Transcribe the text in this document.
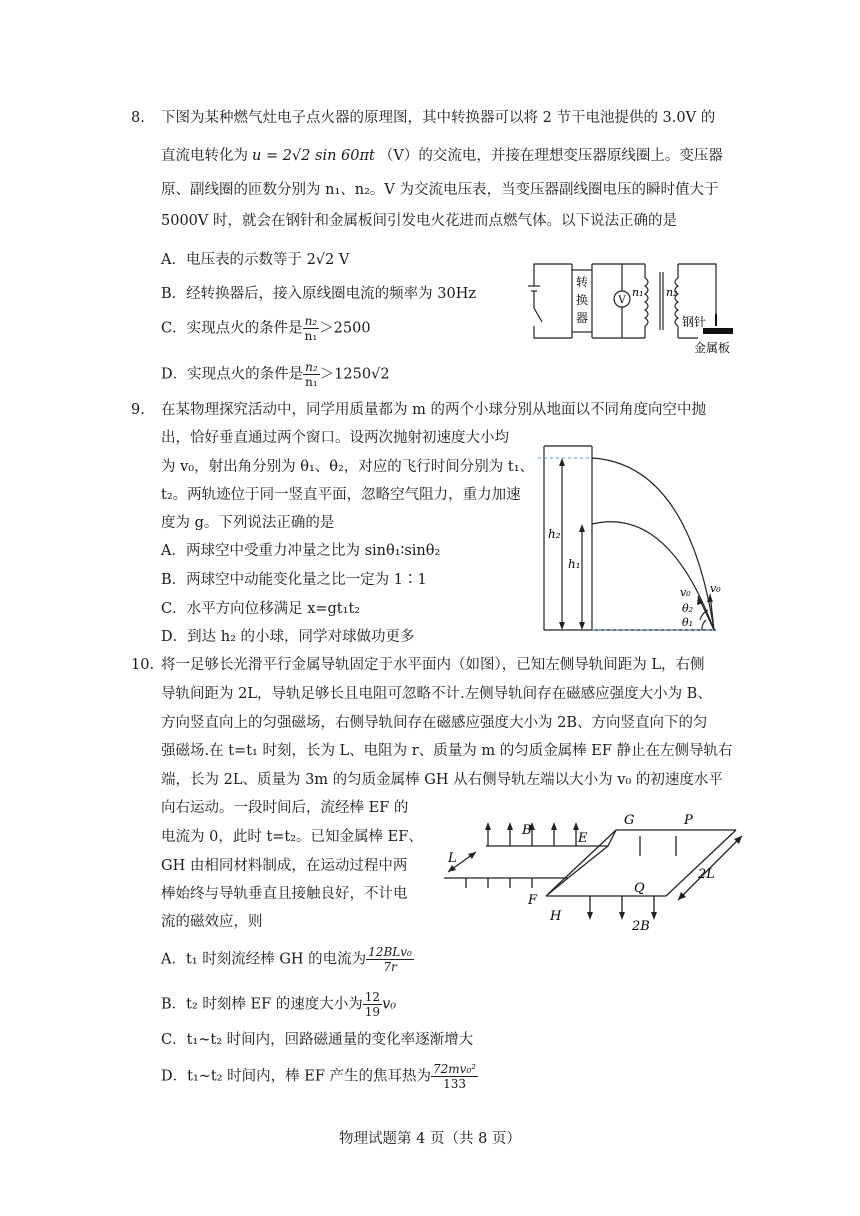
8. 下图为某种燃气灶电子点火器的原理图，其中转换器可以将 2 节干电池提供的 3.0V 的
直流电转化为 u = 2√2 sin 60πt （V）的交流电，并接在理想变压器原线圈上。变压器
原、副线圈的匝数分别为 n₁、n₂。V 为交流电压表，当变压器副线圈电压的瞬时值大于
5000V 时，就会在钢针和金属板间引发电火花进而点燃气体。以下说法正确的是
A．电压表的示数等于 2√2 V
B．经转换器后，接入原线圈电流的频率为 30Hz
C．实现点火的条件是 $\frac{\text{n₂}}{\text{n₁}} >2500$
D．实现点火的条件是 $\frac{\text{n₂}}{\text{n₁}} >1250√2$
转
换
器
V
n₁ n₂
钢针
金属板
9. 在某物理探究活动中，同学用质量都为 m 的两个小球分别从地面以不同角度向空中抛
出，恰好垂直通过两个窗口。设两次抛射初速度大小均
为 v₀，射出角分别为 θ₁、θ₂，对应的飞行时间分别为 t₁、
t₂。两轨迹位于同一竖直平面，忽略空气阻力，重力加速
度为 g。下列说法正确的是
A．两球空中受重力冲量之比为 sinθ₁∶sinθ₂
B．两球空中动能变化量之比一定为 1∶1
C．水平方向位移满足 x=gt₁t₂
D．到达 h₂ 的小球，同学对球做功更多
h₂
h₁
v₀ v₀
θ₂
θ₁
10. 将一足够长光滑平行金属导轨固定于水平面内（如图），已知左侧导轨间距为 L，右侧
导轨间距为 2L，导轨足够长且电阻可忽略不计.左侧导轨间存在磁感应强度大小为 B、
方向竖直向上的匀强磁场，右侧导轨间存在磁感应强度大小为 2B、方向竖直向下的匀
强磁场.在 t=t₁ 时刻，长为 L、电阻为 r、质量为 m 的匀质金属棒 EF 静止在左侧导轨右
端，长为 2L、质量为 3m 的匀质金属棒 GH 从右侧导轨左端以大小为 v₀ 的初速度水平
向右运动。一段时间后，流经棒 EF 的
电流为 0，此时 t=t₂。已知金属棒 EF、
GH 由相同材料制成，在运动过程中两
棒始终与导轨垂直且接触良好，不计电
流的磁效应，则
A．t₁ 时刻流经棒 GH 的电流为 $\frac{\text{12BLv₀}}{7r}$
B．t₂ 时刻棒 EF 的速度大小为 $\frac{12}{19} v_0$
C．t₁~t₂ 时间内，回路磁通量的变化率逐渐增大
D．t₁~t₂ 时间内，棒 EF 产生的焦耳热为 $\frac{\text{72mv₀²}}{133}$
B
E
G	P
L
F
H
Q
2L
2B
物理试题第 4 页（共 8 页）
